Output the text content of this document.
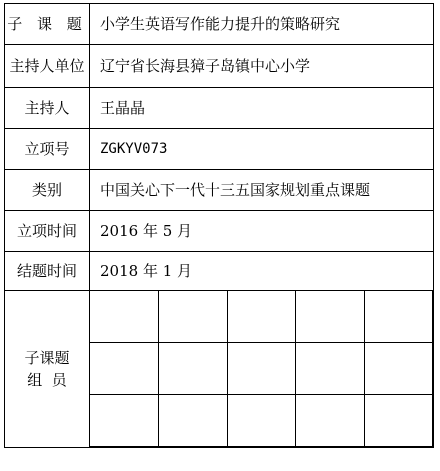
子 课 题	小学生英语写作能力提升的策略研究
主持人单位	辽宁省长海县獐子岛镇中心小学
主持人	王晶晶
立项号	ZGKYV073
类别	中国关心下一代十三五国家规划重点课题
立项时间	2016 年 5 月
结题时间	2018 年 1 月
子课题
组  员	
